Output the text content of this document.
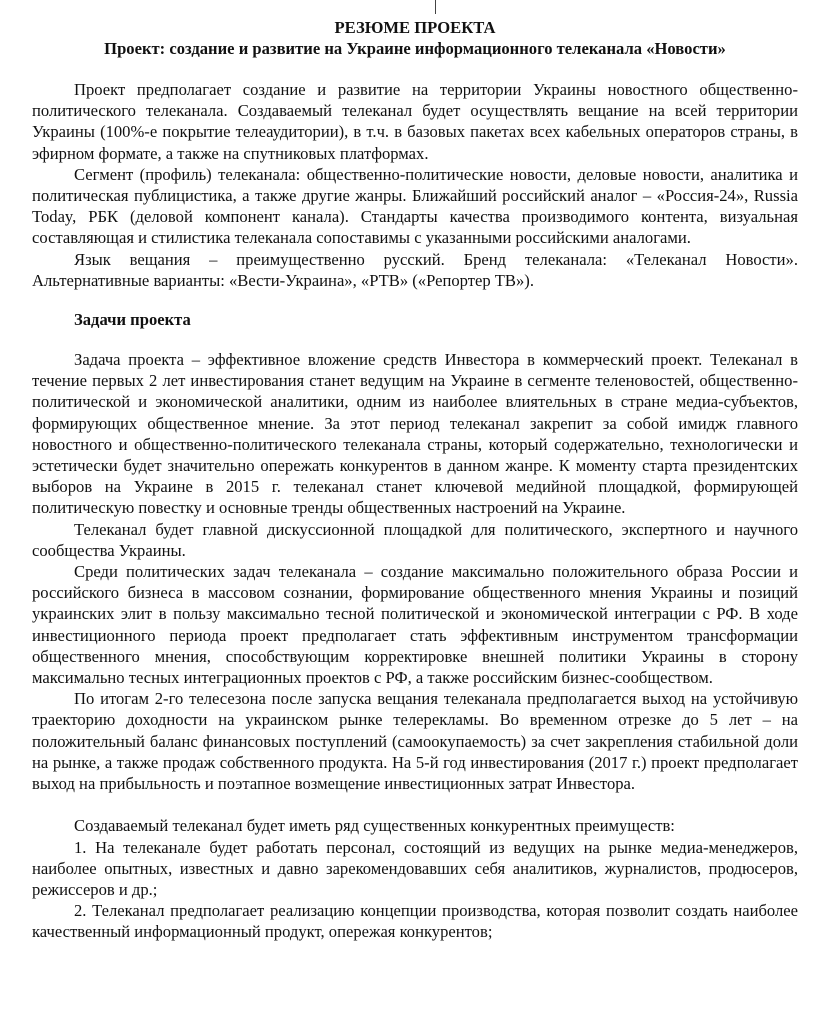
РЕЗЮМЕ ПРОЕКТА

Проект: создание и развитие на Украине информационного телеканала «Новости»

Проект предполагает создание и развитие на территории Украины новостного общественно-политического телеканала. Создаваемый телеканал будет осуществлять вещание на всей территории Украины (100%-е покрытие телеаудитории), в т.ч. в базовых пакетах всех кабельных операторов страны, в эфирном формате, а также на спутниковых платформах.

Сегмент (профиль) телеканала: общественно-политические новости, деловые новости, аналитика и политическая публицистика, а также другие жанры. Ближайший российский аналог – «Россия-24», Russia Today, РБК (деловой компонент канала). Стандарты качества производимого контента, визуальная составляющая и стилистика телеканала сопоставимы с указанными российскими аналогами.

Язык вещания – преимущественно русский. Бренд телеканала: «Телеканал Новости». Альтернативные варианты: «Вести-Украина», «РТВ» («Репортер ТВ»).

Задачи проекта

Задача проекта – эффективное вложение средств Инвестора в коммерческий проект. Телеканал в течение первых 2 лет инвестирования станет ведущим на Украине в сегменте теленовостей, общественно-политической и экономической аналитики, одним из наиболее влиятельных в стране медиа-субъектов, формирующих общественное мнение. За этот период телеканал закрепит за собой имидж главного новостного и общественно-политического телеканала страны, который содержательно, технологически и эстетически будет значительно опережать конкурентов в данном жанре. К моменту старта президентских выборов на Украине в 2015 г. телеканал станет ключевой медийной площадкой, формирующей политическую повестку и основные тренды общественных настроений на Украине.

Телеканал будет главной дискуссионной площадкой для политического, экспертного и научного сообщества Украины.

Среди политических задач телеканала – создание максимально положительного образа России и российского бизнеса в массовом сознании, формирование общественного мнения Украины и позиций украинских элит в пользу максимально тесной политической и экономической интеграции с РФ. В ходе инвестиционного периода проект предполагает стать эффективным инструментом трансформации общественного мнения, способствующим корректировке внешней политики Украины в сторону максимально тесных интеграционных проектов с РФ, а также российским бизнес-сообществом.

По итогам 2-го телесезона после запуска вещания телеканала предполагается выход на устойчивую траекторию доходности на украинском рынке телерекламы. Во временном отрезке до 5 лет – на положительный баланс финансовых поступлений (самоокупаемость) за счет закрепления стабильной доли на рынке, а также продаж собственного продукта. На 5-й год инвестирования (2017 г.) проект предполагает выход на прибыльность и поэтапное возмещение инвестиционных затрат Инвестора.

Создаваемый телеканал будет иметь ряд существенных конкурентных преимуществ:

1. На телеканале будет работать персонал, состоящий из ведущих на рынке медиа-менеджеров, наиболее опытных, известных и давно зарекомендовавших себя аналитиков, журналистов, продюсеров, режиссеров и др.;

2. Телеканал предполагает реализацию концепции производства, которая позволит создать наиболее качественный информационный продукт, опережая конкурентов;
